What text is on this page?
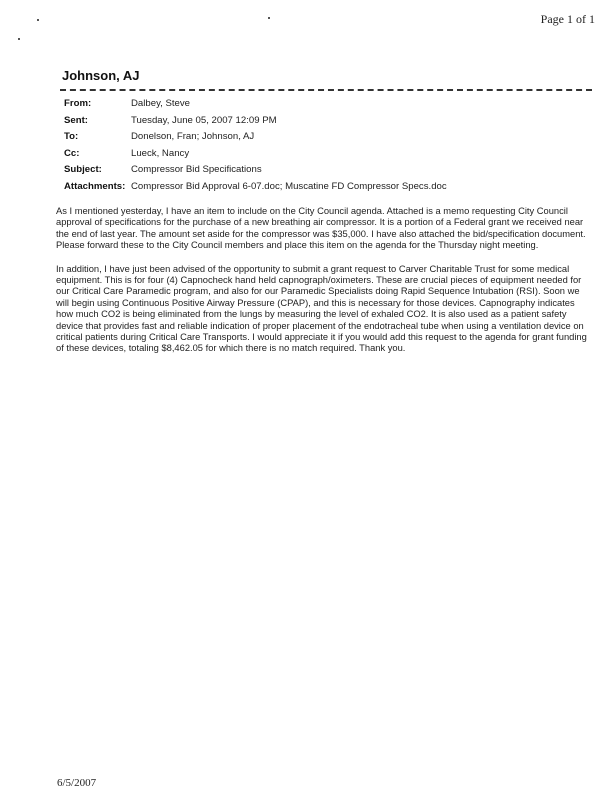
Page 1 of 1
Johnson, AJ
From:	Dalbey, Steve
Sent:	Tuesday, June 05, 2007 12:09 PM
To:	Donelson, Fran; Johnson, AJ
Cc:	Lueck, Nancy
Subject:	Compressor Bid Specifications
Attachments: Compressor Bid Approval 6-07.doc; Muscatine FD Compressor Specs.doc

As I mentioned yesterday, I have an item to include on the City Council agenda. Attached is a memo requesting City Council approval of specifications for the purchase of a new breathing air compressor. It is a portion of a Federal grant we received near the end of last year. The amount set aside for the compressor was $35,000. I have also attached the bid/specification document. Please forward these to the City Council members and place this item on the agenda for the Thursday night meeting.

In addition, I have just been advised of the opportunity to submit a grant request to Carver Charitable Trust for some medical equipment. This is for four (4) Capnocheck hand held capnograph/oximeters. These are crucial pieces of equipment needed for our Critical Care Paramedic program, and also for our Paramedic Specialists doing Rapid Sequence Intubation (RSI). Soon we will begin using Continuous Positive Airway Pressure (CPAP), and this is necessary for those devices. Capnography indicates how much CO2 is being eliminated from the lungs by measuring the level of exhaled CO2. It is also used as a patient safety device that provides fast and reliable indication of proper placement of the endotracheal tube when using a ventilation device on critical patients during Critical Care Transports. I would appreciate it if you would add this request to the agenda for grant funding of these devices, totaling $8,462.05 for which there is no match required. Thank you.

6/5/2007
